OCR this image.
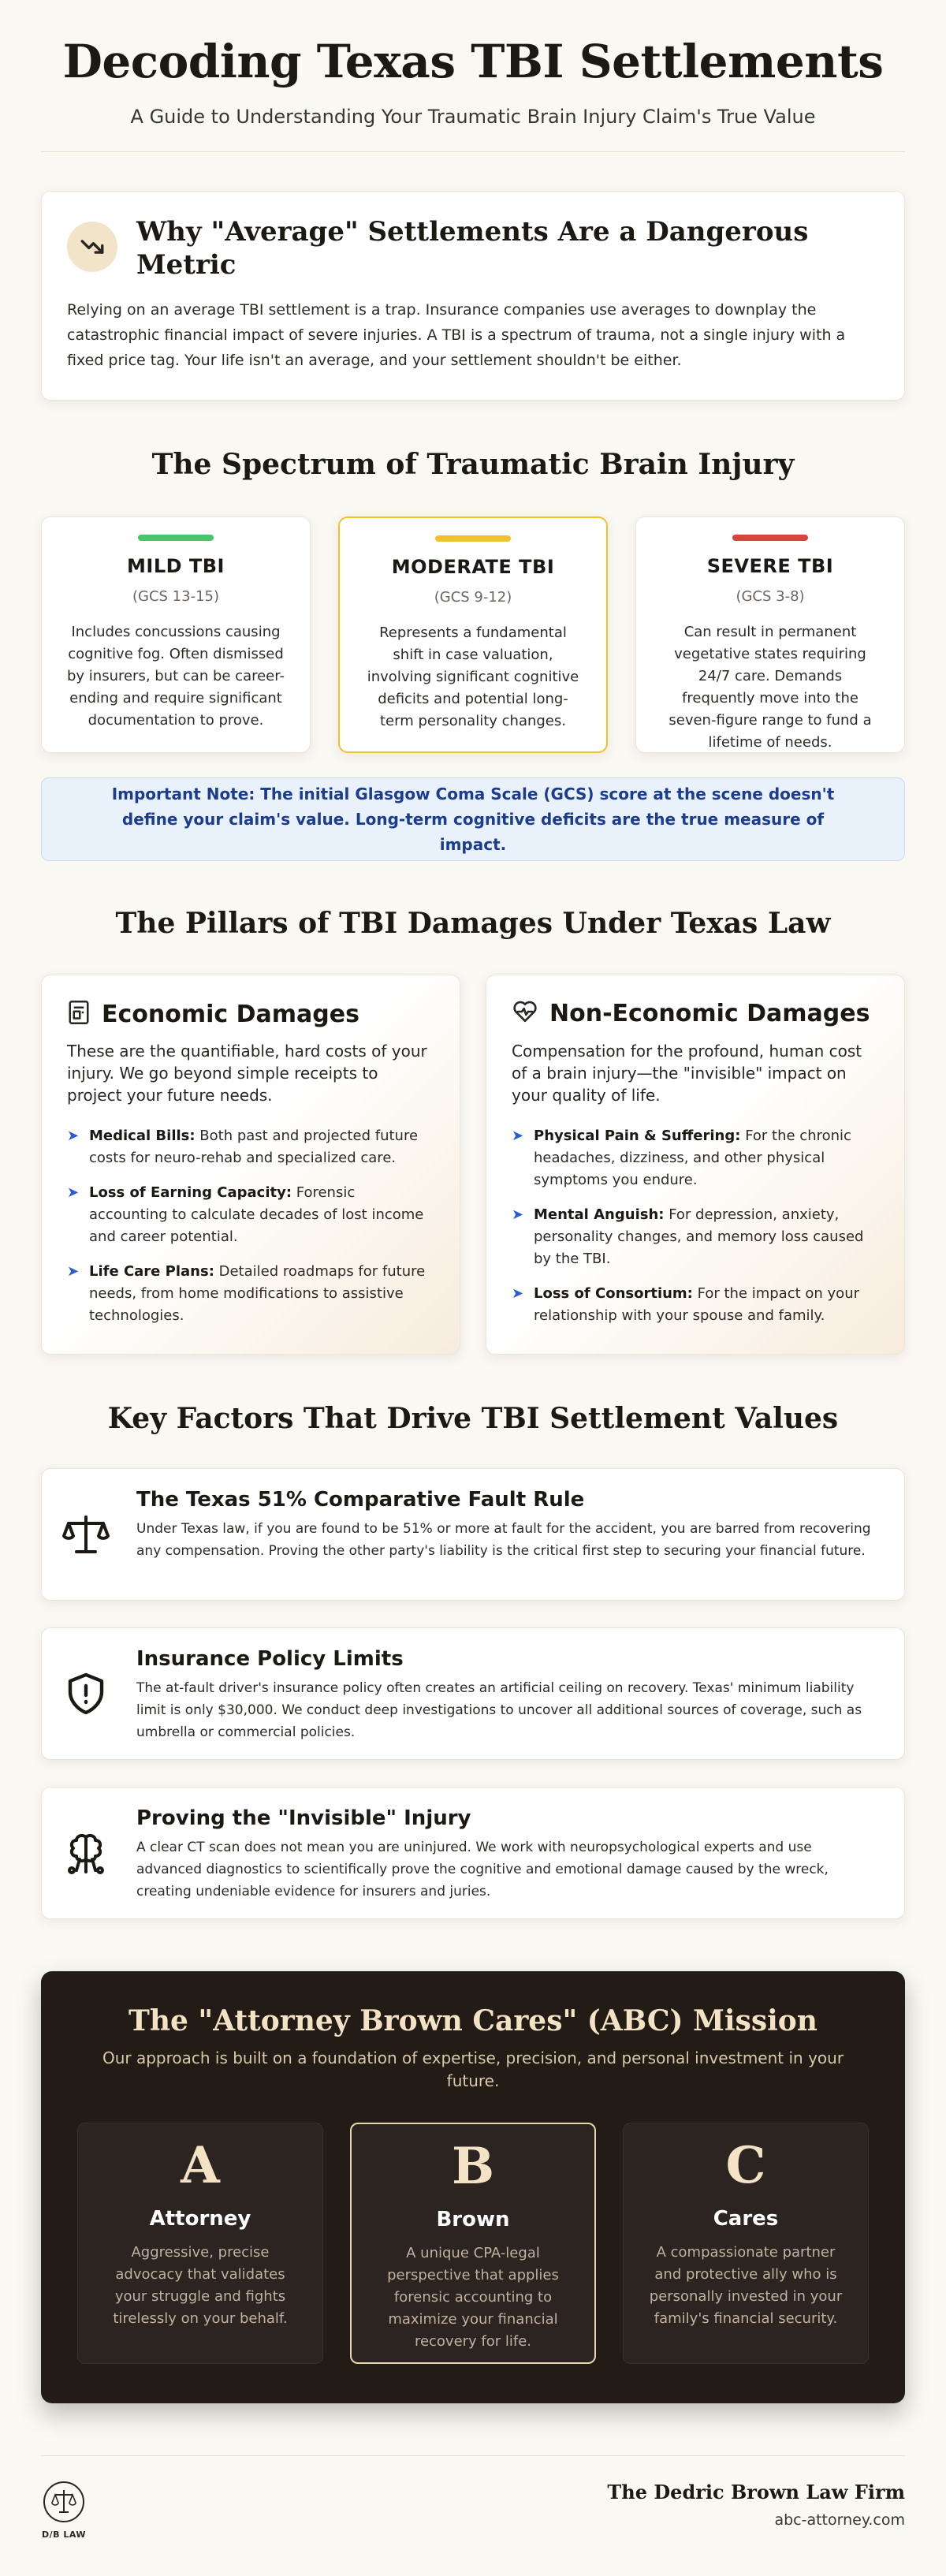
Decoding Texas TBI Settlements

A Guide to Understanding Your Traumatic Brain Injury Claim's True Value

Why "Average" Settlements Are a Dangerous Metric

Relying on an average TBI settlement is a trap. Insurance companies use averages to downplay the catastrophic financial impact of severe injuries. A TBI is a spectrum of trauma, not a single injury with a fixed price tag. Your life isn't an average, and your settlement shouldn't be either.

The Spectrum of Traumatic Brain Injury
MILD TBI
(GCS 13-15)

Includes concussions causing cognitive fog. Often dismissed by insurers, but can be career-ending and require significant documentation to prove.

MODERATE TBI
(GCS 9-12)

Represents a fundamental shift in case valuation, involving significant cognitive deficits and potential long-term personality changes.

SEVERE TBI
(GCS 3-8)

Can result in permanent vegetative states requiring 24/7 care. Demands frequently move into the seven-figure range to fund a lifetime of needs.

Important Note: The initial Glasgow Coma Scale (GCS) score at the scene doesn't define your claim's value. Long-term cognitive deficits are the true measure of impact.
The Pillars of TBI Damages Under Texas Law
Economic Damages

These are the quantifiable, hard costs of your injury. We go beyond simple receipts to project your future needs.

➤ Medical Bills: Both past and projected future costs for neuro-rehab and specialized care.
➤ Loss of Earning Capacity: Forensic accounting to calculate decades of lost income and career potential.
➤ Life Care Plans: Detailed roadmaps for future needs, from home modifications to assistive technologies.
Non-Economic Damages

Compensation for the profound, human cost of a brain injury—the "invisible" impact on your quality of life.

➤ Physical Pain & Suffering: For the chronic headaches, dizziness, and other physical symptoms you endure.
➤ Mental Anguish: For depression, anxiety, personality changes, and memory loss caused by the TBI.
➤ Loss of Consortium: For the impact on your relationship with your spouse and family.
Key Factors That Drive TBI Settlement Values
The Texas 51% Comparative Fault Rule

Under Texas law, if you are found to be 51% or more at fault for the accident, you are barred from recovering any compensation. Proving the other party's liability is the critical first step to securing your financial future.

Insurance Policy Limits

The at-fault driver's insurance policy often creates an artificial ceiling on recovery. Texas' minimum liability limit is only $30,000. We conduct deep investigations to uncover all additional sources of coverage, such as umbrella or commercial policies.

Proving the "Invisible" Injury

A clear CT scan does not mean you are uninjured. We work with neuropsychological experts and use advanced diagnostics to scientifically prove the cognitive and emotional damage caused by the wreck, creating undeniable evidence for insurers and juries.

The "Attorney Brown Cares" (ABC) Mission

Our approach is built on a foundation of expertise, precision, and personal investment in your future.

A
Attorney

Aggressive, precise advocacy that validates your struggle and fights tirelessly on your behalf.

B
Brown

A unique CPA-legal perspective that applies forensic accounting to maximize your financial recovery for life.

C
Cares

A compassionate partner and protective ally who is personally invested in your family's financial security.

D/B LAW
The Dedric Brown Law Firm
abc-attorney.com
